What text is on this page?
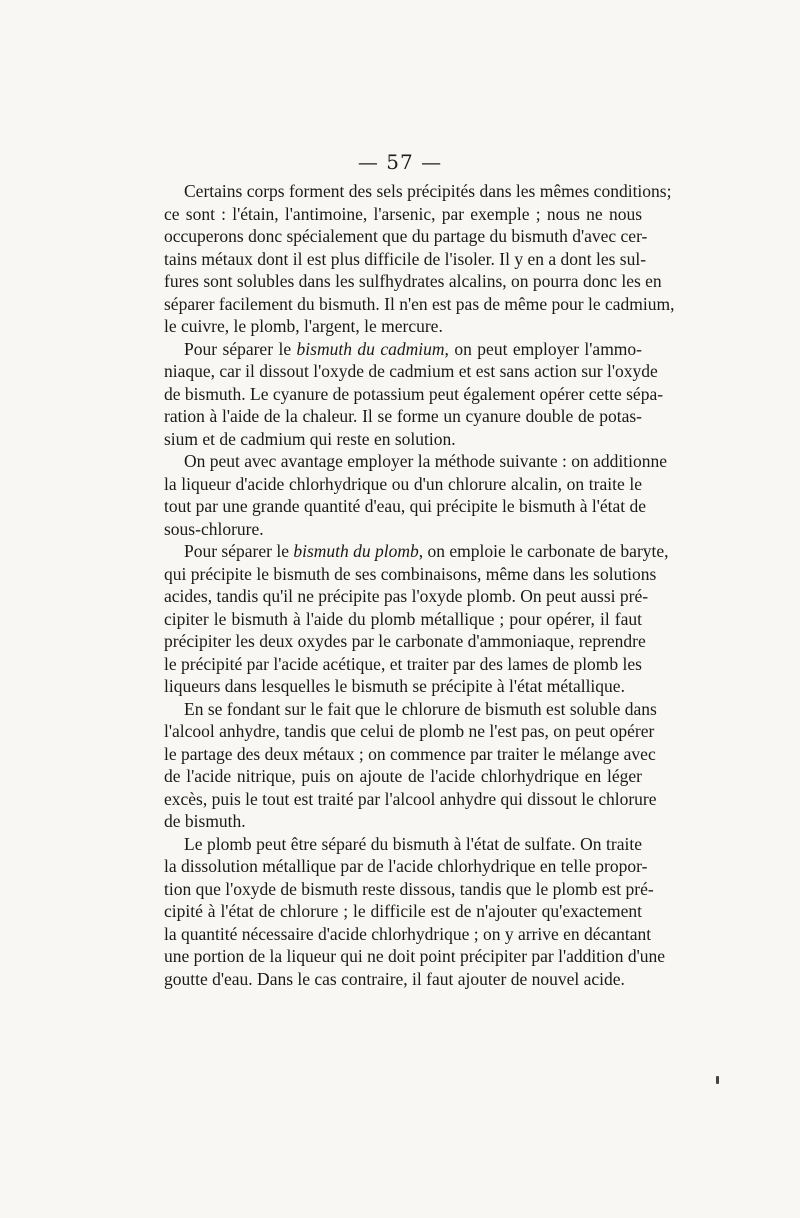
— 57 —
Certains corps forment des sels précipités dans les mêmes conditions;
ce sont : l'étain, l'antimoine, l'arsenic, par exemple ; nous ne nous
occuperons donc spécialement que du partage du bismuth d'avec cer-
tains métaux dont il est plus difficile de l'isoler. Il y en a dont les sul-
fures sont solubles dans les sulfhydrates alcalins, on pourra donc les en
séparer facilement du bismuth. Il n'en est pas de même pour le cadmium,
le cuivre, le plomb, l'argent, le mercure.
Pour séparer le bismuth du cadmium, on peut employer l'ammo-
niaque, car il dissout l'oxyde de cadmium et est sans action sur l'oxyde
de bismuth. Le cyanure de potassium peut également opérer cette sépa-
ration à l'aide de la chaleur. Il se forme un cyanure double de potas-
sium et de cadmium qui reste en solution.
On peut avec avantage employer la méthode suivante : on additionne
la liqueur d'acide chlorhydrique ou d'un chlorure alcalin, on traite le
tout par une grande quantité d'eau, qui précipite le bismuth à l'état de
sous-chlorure.
Pour séparer le bismuth du plomb, on emploie le carbonate de baryte,
qui précipite le bismuth de ses combinaisons, même dans les solutions
acides, tandis qu'il ne précipite pas l'oxyde plomb. On peut aussi pré-
cipiter le bismuth à l'aide du plomb métallique ; pour opérer, il faut
précipiter les deux oxydes par le carbonate d'ammoniaque, reprendre
le précipité par l'acide acétique, et traiter par des lames de plomb les
liqueurs dans lesquelles le bismuth se précipite à l'état métallique.
En se fondant sur le fait que le chlorure de bismuth est soluble dans
l'alcool anhydre, tandis que celui de plomb ne l'est pas, on peut opérer
le partage des deux métaux ; on commence par traiter le mélange avec
de l'acide nitrique, puis on ajoute de l'acide chlorhydrique en léger
excès, puis le tout est traité par l'alcool anhydre qui dissout le chlorure
de bismuth.
Le plomb peut être séparé du bismuth à l'état de sulfate. On traite
la dissolution métallique par de l'acide chlorhydrique en telle propor-
tion que l'oxyde de bismuth reste dissous, tandis que le plomb est pré-
cipité à l'état de chlorure ; le difficile est de n'ajouter qu'exactement
la quantité nécessaire d'acide chlorhydrique ; on y arrive en décantant
une portion de la liqueur qui ne doit point précipiter par l'addition d'une
goutte d'eau. Dans le cas contraire, il faut ajouter de nouvel acide.
